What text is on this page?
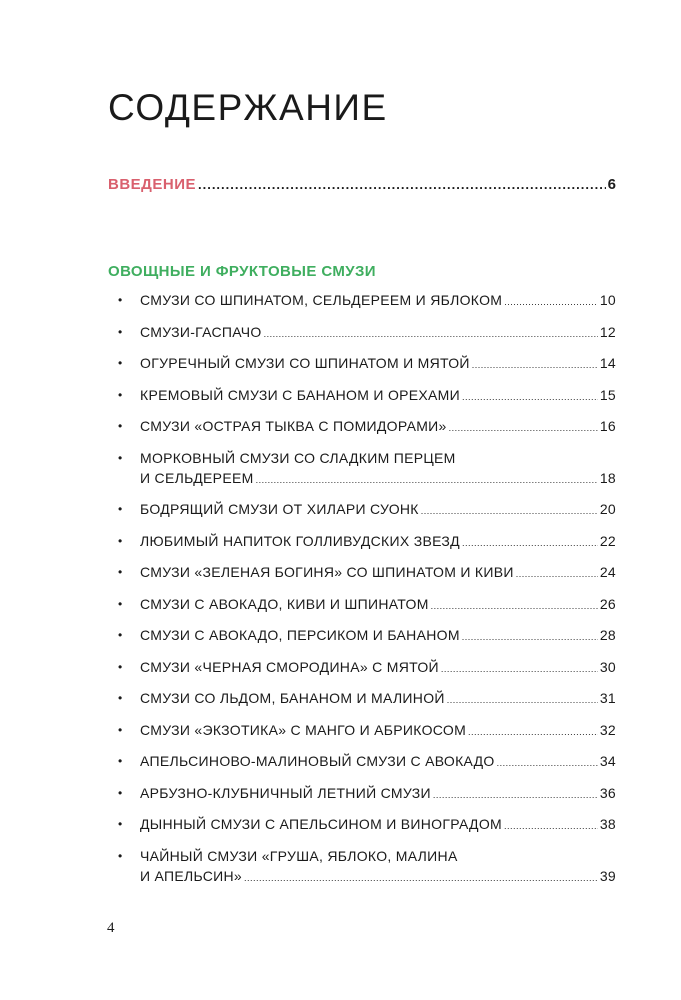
СОДЕРЖАНИЕ
ВВЕДЕНИЕ .....	6
ОВОЩНЫЕ И ФРУКТОВЫЕ СМУЗИ
• СМУЗИ СО ШПИНАТОМ, СЕЛЬДЕРЕЕМ И ЯБЛОКОМ .....	10
• СМУЗИ-ГАСПАЧО .....	12
• ОГУРЕЧНЫЙ СМУЗИ СО ШПИНАТОМ И МЯТОЙ .....	14
• КРЕМОВЫЙ СМУЗИ С БАНАНОМ И ОРЕХАМИ .....	15
• СМУЗИ «ОСТРАЯ ТЫКВА С ПОМИДОРАМИ» .....	16
• МОРКОВНЫЙ СМУЗИ СО СЛАДКИМ ПЕРЦЕМ
И СЕЛЬДЕРЕЕМ .....	18
• БОДРЯЩИЙ СМУЗИ ОТ ХИЛАРИ СУОНК .....	20
• ЛЮБИМЫЙ НАПИТОК ГОЛЛИВУДСКИХ ЗВЕЗД .....	22
• СМУЗИ «ЗЕЛЕНАЯ БОГИНЯ» СО ШПИНАТОМ И КИВИ .....	24
• СМУЗИ С АВОКАДО, КИВИ И ШПИНАТОМ .....	26
• СМУЗИ С АВОКАДО, ПЕРСИКОМ И БАНАНОМ .....	28
• СМУЗИ «ЧЕРНАЯ СМОРОДИНА» С МЯТОЙ .....	30
• СМУЗИ СО ЛЬДОМ, БАНАНОМ И МАЛИНОЙ .....	31
• СМУЗИ «ЭКЗОТИКА» С МАНГО И АБРИКОСОМ .....	32
• АПЕЛЬСИНОВО-МАЛИНОВЫЙ СМУЗИ С АВОКАДО .....	34
• АРБУЗНО-КЛУБНИЧНЫЙ ЛЕТНИЙ СМУЗИ .....	36
• ДЫННЫЙ СМУЗИ С АПЕЛЬСИНОМ И ВИНОГРАДОМ .....	38
• ЧАЙНЫЙ СМУЗИ «ГРУША, ЯБЛОКО, МАЛИНА
И АПЕЛЬСИН» .....	39
4
